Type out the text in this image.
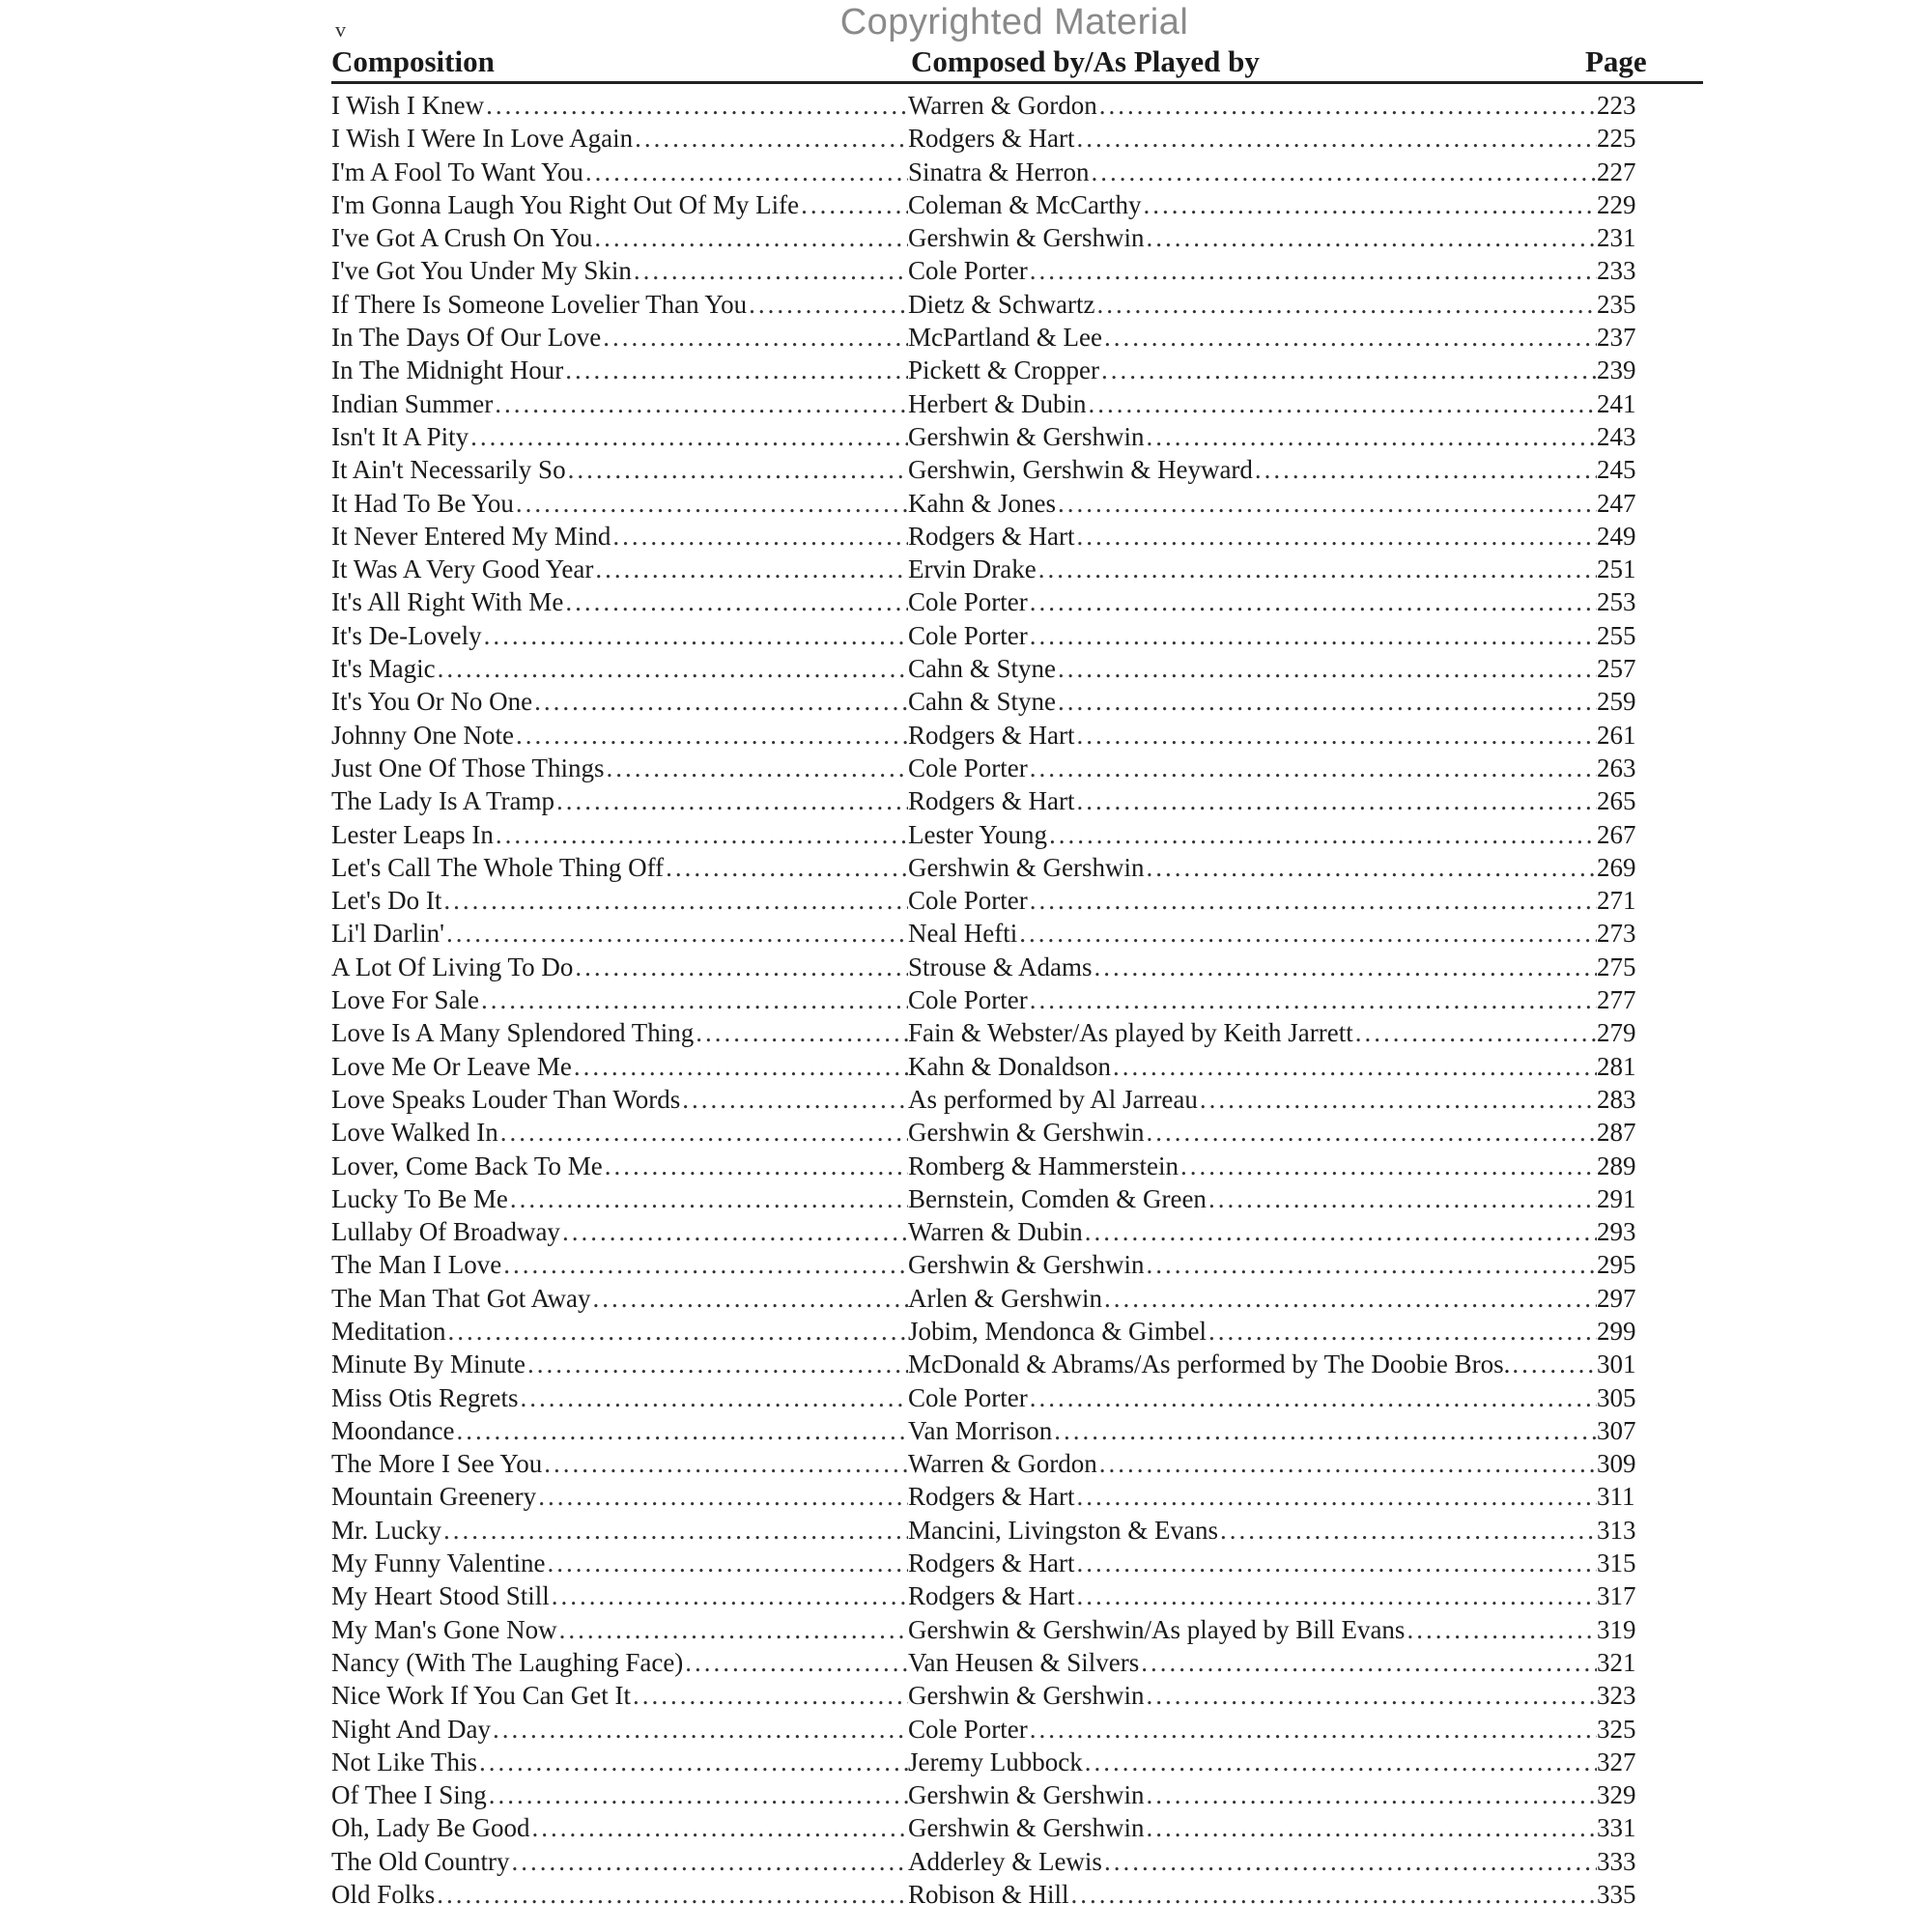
Copyrighted Material
v
Composition	Composed by/As Played by	Page
I Wish I Knew .....	Warren & Gordon .....	223
I Wish I Were In Love Again .....	Rodgers & Hart .....	225
I'm A Fool To Want You .....	Sinatra & Herron .....	227
I'm Gonna Laugh You Right Out Of My Life .....	Coleman & McCarthy .....	229
I've Got A Crush On You .....	Gershwin & Gershwin .....	231
I've Got You Under My Skin .....	Cole Porter .....	233
If There Is Someone Lovelier Than You .....	Dietz & Schwartz .....	235
In The Days Of Our Love .....	McPartland & Lee .....	237
In The Midnight Hour .....	Pickett & Cropper .....	239
Indian Summer .....	Herbert & Dubin .....	241
Isn't It A Pity .....	Gershwin & Gershwin .....	243
It Ain't Necessarily So .....	Gershwin, Gershwin & Heyward .....	245
It Had To Be You .....	Kahn & Jones .....	247
It Never Entered My Mind .....	Rodgers & Hart .....	249
It Was A Very Good Year .....	Ervin Drake .....	251
It's All Right With Me .....	Cole Porter .....	253
It's De-Lovely .....	Cole Porter .....	255
It's Magic .....	Cahn & Styne .....	257
It's You Or No One .....	Cahn & Styne .....	259
Johnny One Note .....	Rodgers & Hart .....	261
Just One Of Those Things .....	Cole Porter .....	263
The Lady Is A Tramp .....	Rodgers & Hart .....	265
Lester Leaps In .....	Lester Young .....	267
Let's Call The Whole Thing Off .....	Gershwin & Gershwin .....	269
Let's Do It .....	Cole Porter .....	271
Li'l Darlin' .....	Neal Hefti .....	273
A Lot Of Living To Do .....	Strouse & Adams .....	275
Love For Sale .....	Cole Porter .....	277
Love Is A Many Splendored Thing .....	Fain & Webster/As played by Keith Jarrett .....	279
Love Me Or Leave Me .....	Kahn & Donaldson .....	281
Love Speaks Louder Than Words .....	As performed by Al Jarreau .....	283
Love Walked In .....	Gershwin & Gershwin .....	287
Lover, Come Back To Me .....	Romberg & Hammerstein .....	289
Lucky To Be Me .....	Bernstein, Comden & Green .....	291
Lullaby Of Broadway .....	Warren & Dubin .....	293
The Man I Love .....	Gershwin & Gershwin .....	295
The Man That Got Away .....	Arlen & Gershwin .....	297
Meditation .....	Jobim, Mendonca & Gimbel .....	299
Minute By Minute .....	McDonald & Abrams/As performed by The Doobie Bros. .....	301
Miss Otis Regrets .....	Cole Porter .....	305
Moondance .....	Van Morrison .....	307
The More I See You .....	Warren & Gordon .....	309
Mountain Greenery .....	Rodgers & Hart .....	311
Mr. Lucky .....	Mancini, Livingston & Evans .....	313
My Funny Valentine .....	Rodgers & Hart .....	315
My Heart Stood Still .....	Rodgers & Hart .....	317
My Man's Gone Now .....	Gershwin & Gershwin/As played by Bill Evans .....	319
Nancy (With The Laughing Face) .....	Van Heusen & Silvers .....	321
Nice Work If You Can Get It .....	Gershwin & Gershwin .....	323
Night And Day .....	Cole Porter .....	325
Not Like This .....	Jeremy Lubbock .....	327
Of Thee I Sing .....	Gershwin & Gershwin .....	329
Oh, Lady Be Good .....	Gershwin & Gershwin .....	331
The Old Country .....	Adderley & Lewis .....	333
Old Folks .....	Robison & Hill .....	335
